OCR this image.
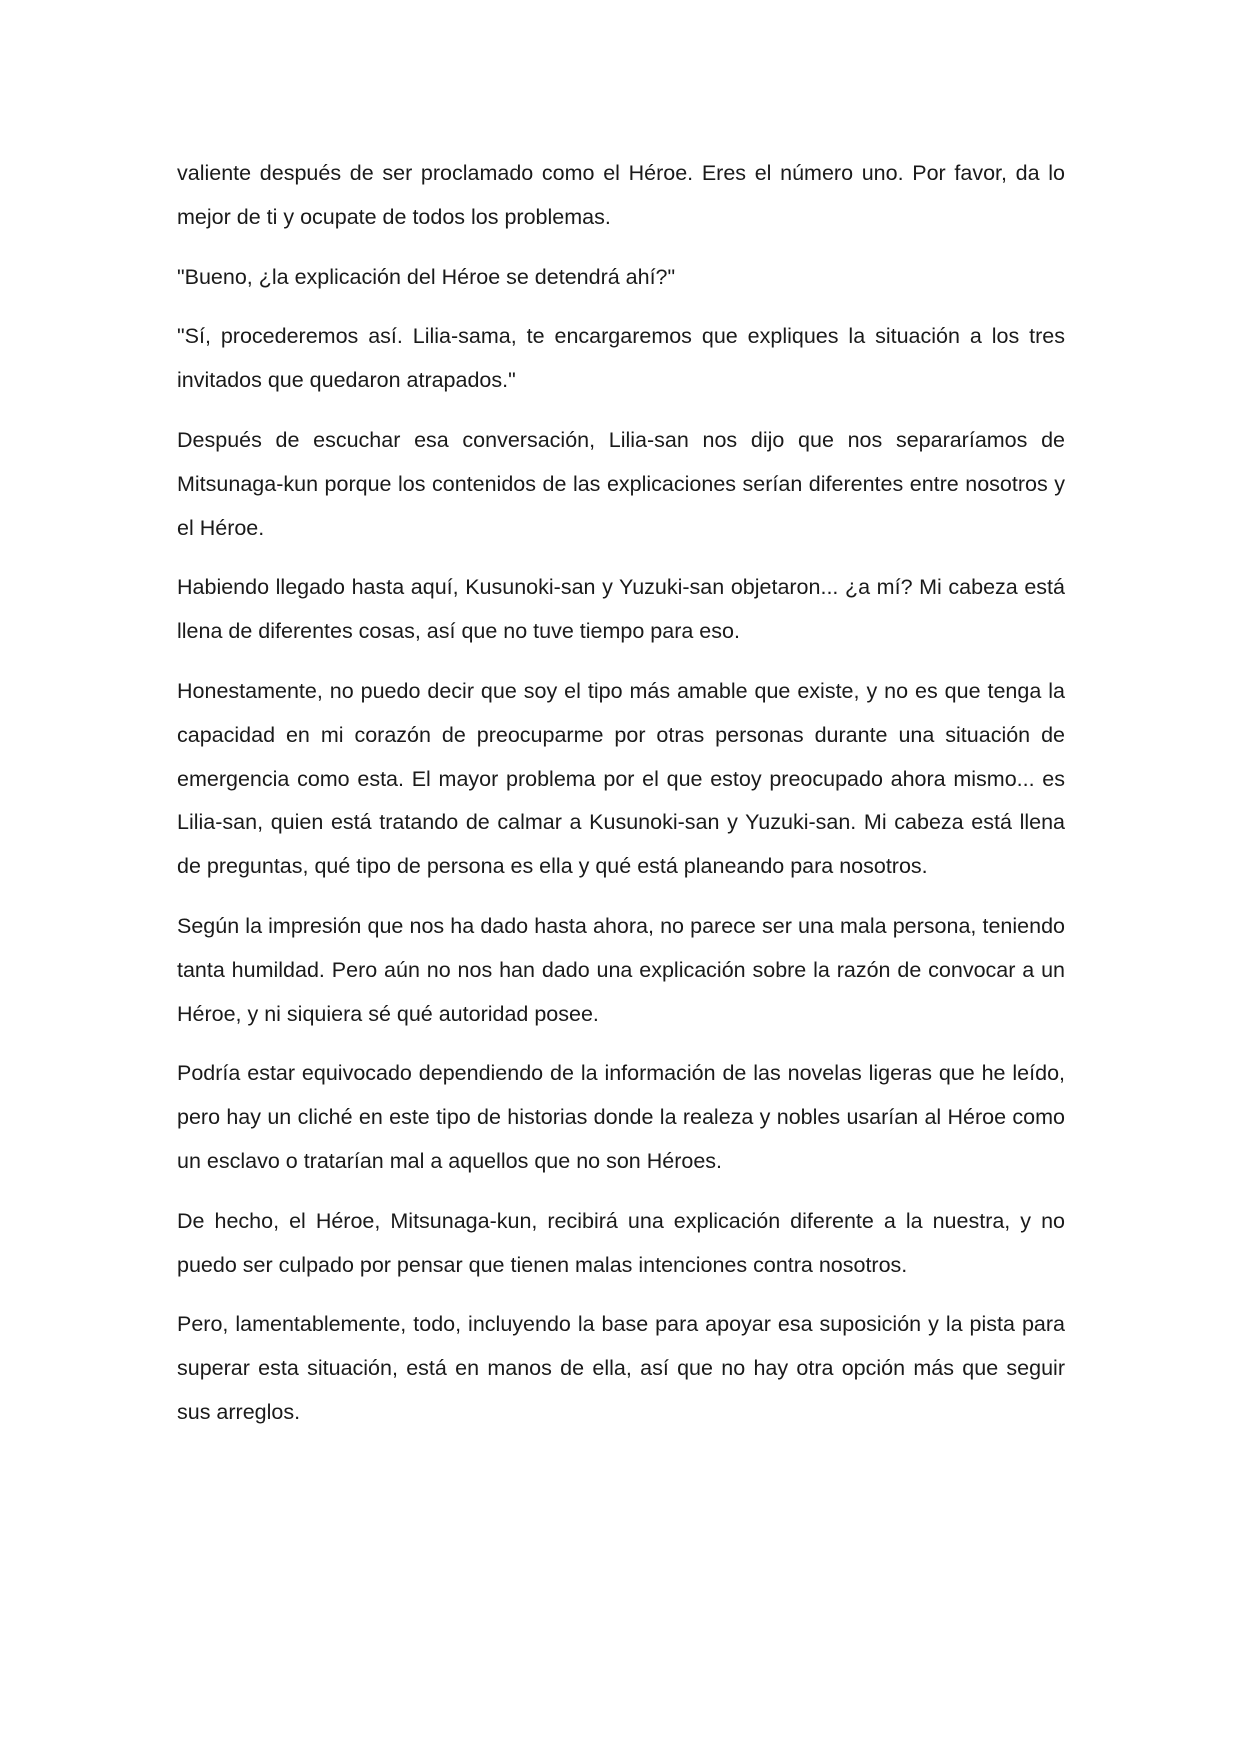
valiente después de ser proclamado como el Héroe. Eres el número uno. Por favor, da lo mejor de ti y ocupate de todos los problemas.

"Bueno, ¿la explicación del Héroe se detendrá ahí?"

"Sí, procederemos así. Lilia-sama, te encargaremos que expliques la situación a los tres invitados que quedaron atrapados."

Después de escuchar esa conversación, Lilia-san nos dijo que nos separaríamos de Mitsunaga-kun porque los contenidos de las explicaciones serían diferentes entre nosotros y el Héroe.

Habiendo llegado hasta aquí, Kusunoki-san y Yuzuki-san objetaron... ¿a mí? Mi cabeza está llena de diferentes cosas, así que no tuve tiempo para eso.

Honestamente, no puedo decir que soy el tipo más amable que existe, y no es que tenga la capacidad en mi corazón de preocuparme por otras personas durante una situación de emergencia como esta. El mayor problema por el que estoy preocupado ahora mismo... es Lilia-san, quien está tratando de calmar a Kusunoki-san y Yuzuki-san. Mi cabeza está llena de preguntas, qué tipo de persona es ella y qué está planeando para nosotros.

Según la impresión que nos ha dado hasta ahora, no parece ser una mala persona, teniendo tanta humildad. Pero aún no nos han dado una explicación sobre la razón de convocar a un Héroe, y ni siquiera sé qué autoridad posee.

Podría estar equivocado dependiendo de la información de las novelas ligeras que he leído, pero hay un cliché en este tipo de historias donde la realeza y nobles usarían al Héroe como un esclavo o tratarían mal a aquellos que no son Héroes.

De hecho, el Héroe, Mitsunaga-kun, recibirá una explicación diferente a la nuestra, y no puedo ser culpado por pensar que tienen malas intenciones contra nosotros.

Pero, lamentablemente, todo, incluyendo la base para apoyar esa suposición y la pista para superar esta situación, está en manos de ella, así que no hay otra opción más que seguir sus arreglos.
